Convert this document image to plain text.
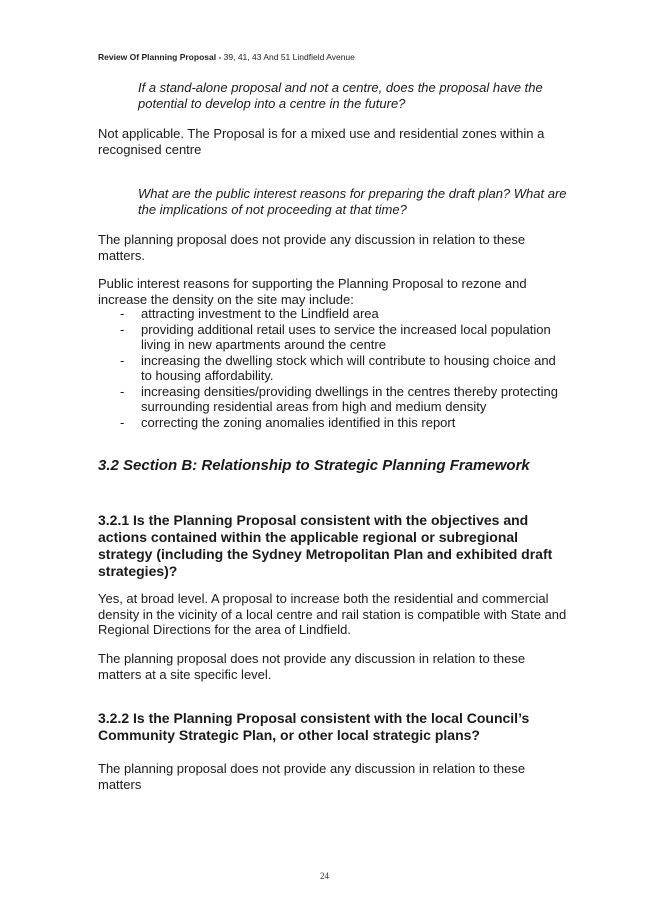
Review Of Planning Proposal - 39, 41, 43 And 51 Lindfield Avenue

If a stand-alone proposal and not a centre, does the proposal have the potential to develop into a centre in the future?

Not applicable. The Proposal is for a mixed use and residential zones within a recognised centre

What are the public interest reasons for preparing the draft plan? What are the implications of not proceeding at that time?

The planning proposal does not provide any discussion in relation to these matters.

Public interest reasons for supporting the Planning Proposal to rezone and increase the density on the site may include:

- attracting investment to the Lindfield area
- providing additional retail uses to service the increased local population living in new apartments around the centre
- increasing the dwelling stock which will contribute to housing choice and to housing affordability.
- increasing densities/providing dwellings in the centres thereby protecting surrounding residential areas from high and medium density
- correcting the zoning anomalies identified in this report
3.2 Section B: Relationship to Strategic Planning Framework
3.2.1 Is the Planning Proposal consistent with the objectives and actions contained within the applicable regional or subregional strategy (including the Sydney Metropolitan Plan and exhibited draft strategies)?

Yes, at broad level. A proposal to increase both the residential and commercial density in the vicinity of a local centre and rail station is compatible with State and Regional Directions for the area of Lindfield.

The planning proposal does not provide any discussion in relation to these matters at a site specific level.

3.2.2 Is the Planning Proposal consistent with the local Council’s Community Strategic Plan, or other local strategic plans?

The planning proposal does not provide any discussion in relation to these matters

24
